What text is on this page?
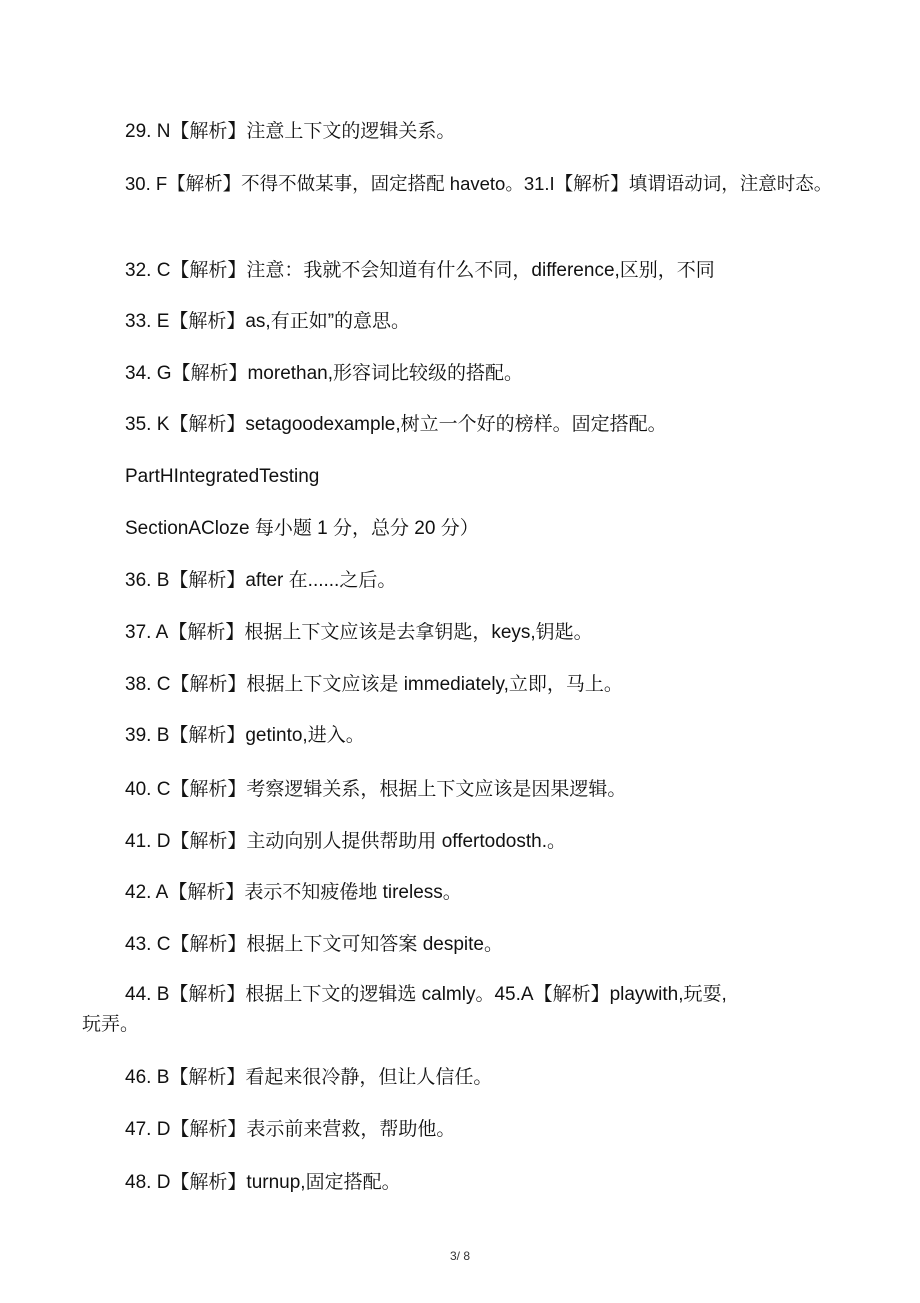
29. N【解析】注意上下文的逻辑关系。
30. F【解析】不得不做某事，固定搭配 haveto。31.I【解析】填谓语动词，注意时态。
32. C【解析】注意：我就不会知道有什么不同，difference,区别，不同
33. E【解析】as,有正如”的意思。
34. G【解析】morethan,形容词比较级的搭配。
35. K【解析】setagoodexample,树立一个好的榜样。固定搭配。
PartHIntegratedTesting
SectionACloze 每小题 1 分，总分 20 分）
36. B【解析】after 在......之后。
37. A【解析】根据上下文应该是去拿钥匙，keys,钥匙。
38. C【解析】根据上下文应该是 immediately,立即，马上。
39. B【解析】getinto,进入。
40. C【解析】考察逻辑关系，根据上下文应该是因果逻辑。
41. D【解析】主动向别人提供帮助用 offertodosth.。
42. A【解析】表示不知疲倦地 tireless。
43. C【解析】根据上下文可知答案 despite。
44. B【解析】根据上下文的逻辑选 calmly。45.A【解析】playwith,玩耍,
玩弄。
46. B【解析】看起来很冷静，但让人信任。
47. D【解析】表示前来营救，帮助他。
48. D【解析】turnup,固定搭配。
3/ 8
